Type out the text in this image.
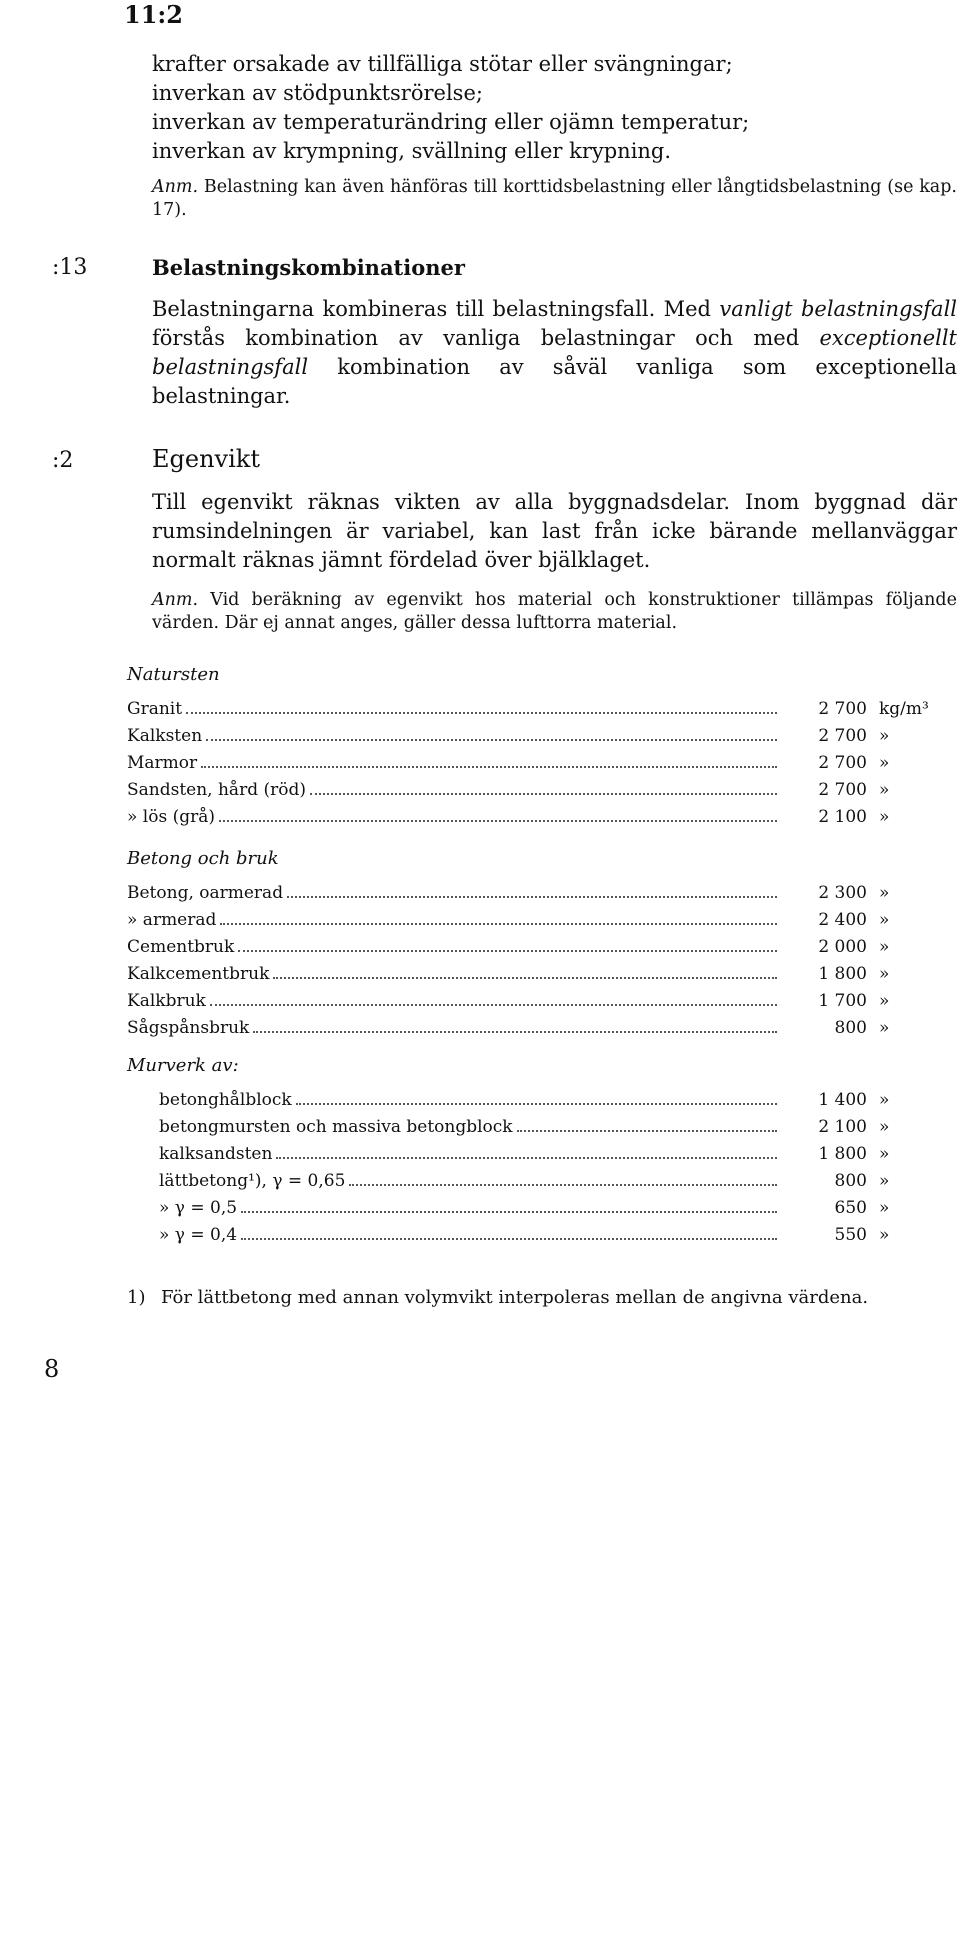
11:2

krafter orsakade av tillfälliga stötar eller svängningar;

inverkan av stödpunktsrörelse;

inverkan av temperaturändring eller ojämn temperatur;

inverkan av krympning, svällning eller krypning.

Anm. Belastning kan även hänföras till korttidsbelastning eller långtidsbelastning (se kap. 17).

:13	Belastningskombinationer

Belastningarna kombineras till belastningsfall. Med vanligt belastningsfall förstås kombination av vanliga belastningar och med exceptionellt belastningsfall kombination av såväl vanliga som exceptionella belastningar.

:2	Egenvikt

Till egenvikt räknas vikten av alla byggnadsdelar. Inom byggnad där rumsindelningen är variabel, kan last från icke bärande mellanväggar normalt räknas jämnt fördelad över bjälklaget.

Anm. Vid beräkning av egenvikt hos material och konstruktioner tillämpas följande värden. Där ej annat anges, gäller dessa lufttorra material.

Natursten
Granit	2 700 kg/m³
Kalksten	2 700 »
Marmor	2 700 »
Sandsten, hård (röd)	2 700 »
» lös (grå)	2 100 »
Betong och bruk
Betong, oarmerad	2 300 »
» armerad	2 400 »
Cementbruk	2 000 »
Kalkcementbruk	1 800 »
Kalkbruk	1 700 »
Sågspånsbruk	800 »
Murverk av:
betonghålblock	1 400 »
betongmursten och massiva betongblock	2 100 »
kalksandsten	1 800 »
lättbetong¹), γ = 0,65	800 »
» γ = 0,5	650 »
» γ = 0,4	550 »
1) För lättbetong med annan volymvikt interpoleras mellan de angivna värdena.
8
